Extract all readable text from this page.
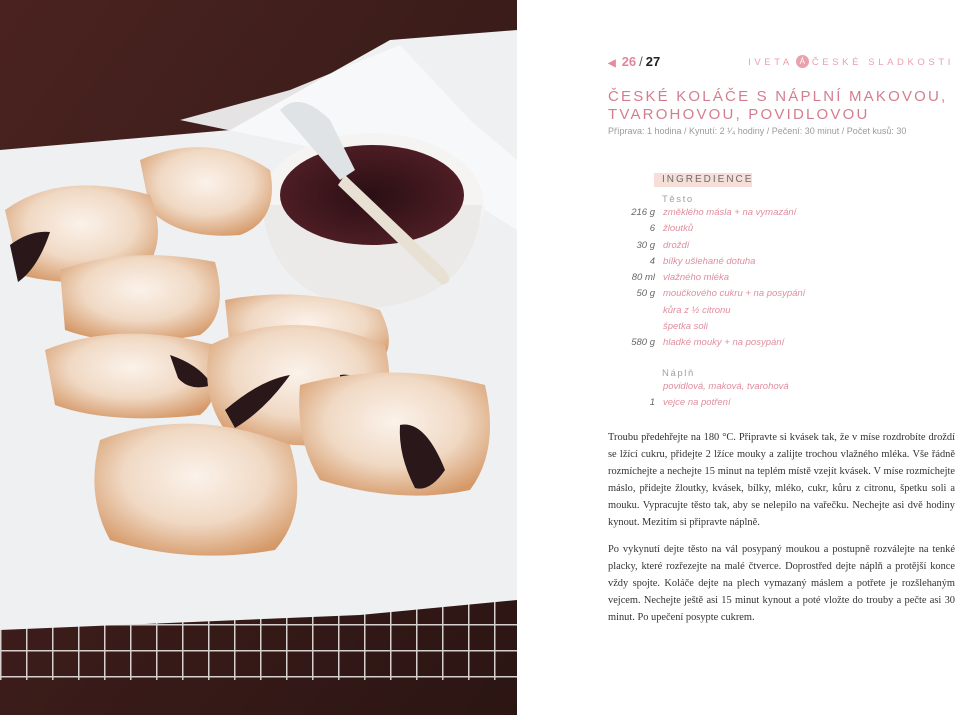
◀ 26 / 27	IVETA Á ČESKÉ SLADKOSTI
ČESKÉ KOLÁČE S NÁPLNÍ MAKOVOU, TVAROHOVOU, POVIDLOVOU
Příprava: 1 hodina / Kynutí: 2 ¹⁄₄ hodiny / Pečení: 30 minut / Počet kusů: 30
INGREDIENCE
Těsto
216 g změklého másla + na vymazání
6 žloutků
30 g droždí
4 bílky ušlehané dotuha
80 ml vlažného mléka
50 g moučkového cukru + na posypání
kůra z ½ citronu
špetka soli
580 g hladké mouky + na posypání
Náplň
povidlová, maková, tvarohová
1 vejce na potření

Troubu předehřejte na 180 °C. Připravte si kvásek tak, že v míse rozdrobíte droždí se lžící cukru, přidejte 2 lžíce mouky a zalijte trochou vlažného mléka. Vše řádně rozmíchejte a nechejte 15 minut na teplém místě vzejít kvásek. V míse rozmíchejte máslo, přidejte žloutky, kvásek, bílky, mléko, cukr, kůru z citronu, špetku soli a mouku. Vypracujte těsto tak, aby se nelepilo na vařečku. Nechejte asi dvě hodiny kynout. Mezitím si připravte náplně.

Po vykynutí dejte těsto na vál posypaný moukou a postupně rozválejte na tenké placky, které rozřezejte na malé čtverce. Doprostřed dejte náplň a protější konce vždy spojte. Koláče dejte na plech vymazaný máslem a potřete je rozšlehaným vejcem. Nechejte ještě asi 15 minut kynout a poté vložte do trouby a pečte asi 30 minut. Po upečení posypte cukrem.
